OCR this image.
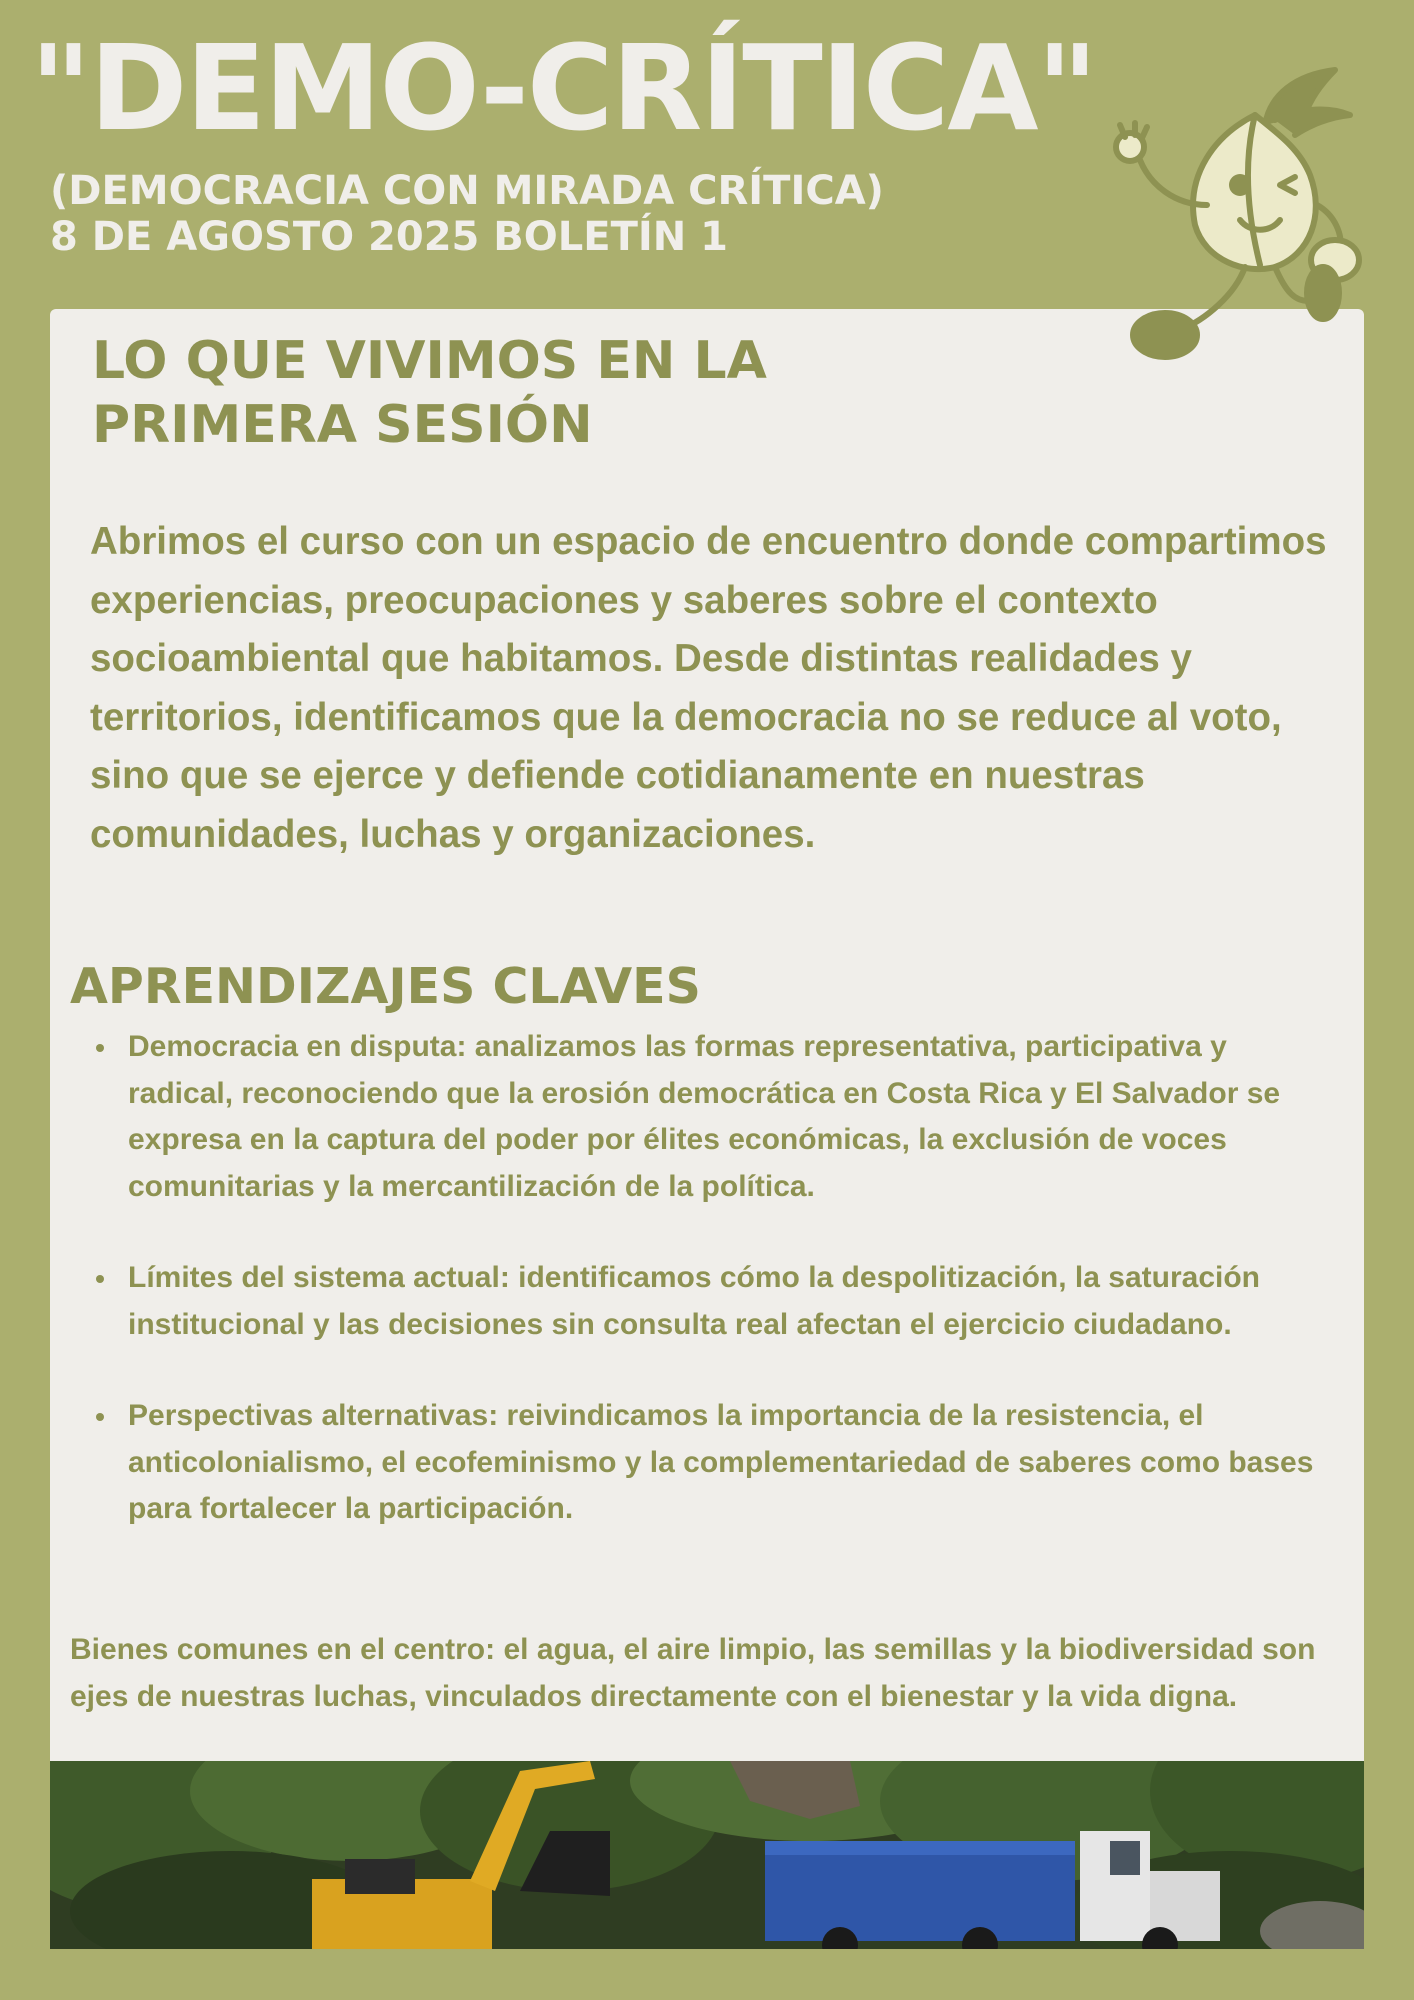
"DEMO-CRÍTICA"
(DEMOCRACIA CON MIRADA CRÍTICA)
8 DE AGOSTO 2025 BOLETÍN 1
LO QUE VIVIMOS EN LA
PRIMERA SESIÓN

Abrimos el curso con un espacio de encuentro donde compartimos experiencias, preocupaciones y saberes sobre el contexto socioambiental que habitamos. Desde distintas realidades y territorios, identificamos que la democracia no se reduce al voto, sino que se ejerce y defiende cotidianamente en nuestras comunidades, luchas y organizaciones.

APRENDIZAJES CLAVES
Democracia en disputa: analizamos las formas representativa, participativa y radical, reconociendo que la erosión democrática en Costa Rica y El Salvador se expresa en la captura del poder por élites económicas, la exclusión de voces comunitarias y la mercantilización de la política.
Límites del sistema actual: identificamos cómo la despolitización, la saturación institucional y las decisiones sin consulta real afectan el ejercicio ciudadano.
Perspectivas alternativas: reivindicamos la importancia de la resistencia, el anticolonialismo, el ecofeminismo y la complementariedad de saberes como bases para fortalecer la participación.

Bienes comunes en el centro: el agua, el aire limpio, las semillas y la biodiversidad son ejes de nuestras luchas, vinculados directamente con el bienestar y la vida digna.
